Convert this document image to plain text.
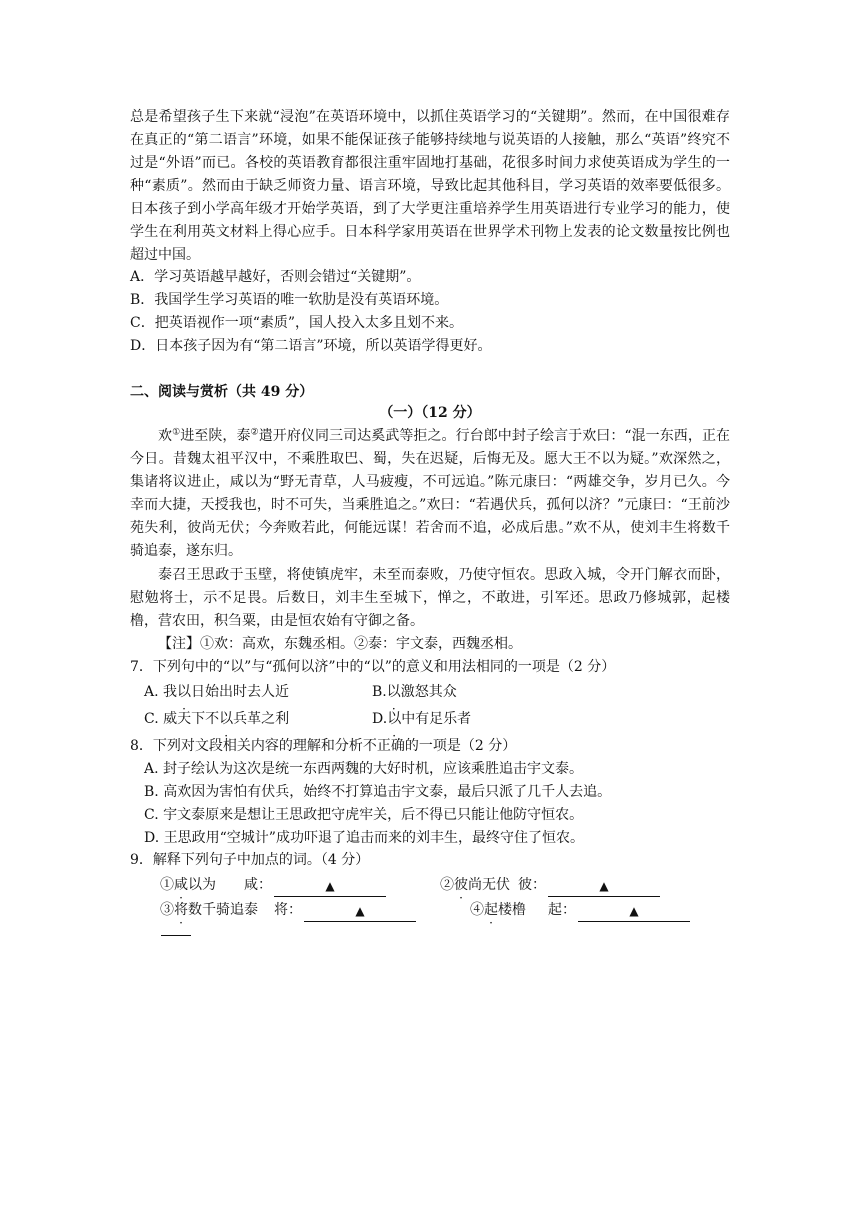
总是希望孩子生下来就“浸泡”在英语环境中，以抓住英语学习的“关键期”。然而，在中国很难存在真正的“第二语言”环境，如果不能保证孩子能够持续地与说英语的人接触，那么“英语”终究不过是“外语”而已。各校的英语教育都很注重牢固地打基础，花很多时间力求使英语成为学生的一种“素质”。然而由于缺乏师资力量、语言环境，导致比起其他科目，学习英语的效率要低很多。日本孩子到小学高年级才开始学英语，到了大学更注重培养学生用英语进行专业学习的能力，使学生在利用英文材料上得心应手。日本科学家用英语在世界学术刊物上发表的论文数量按比例也超过中国。
A．学习英语越早越好，否则会错过“关键期”。
B．我国学生学习英语的唯一软肋是没有英语环境。
C．把英语视作一项“素质”，国人投入太多且划不来。
D．日本孩子因为有“第二语言”环境，所以英语学得更好。
二、阅读与赏析（共 49 分）
（一）（12 分）
欢①进至陕，泰②遣开府仪同三司达奚武等拒之。行台郎中封子绘言于欢曰：“混一东西，正在今日。昔魏太祖平汉中，不乘胜取巴、蜀，失在迟疑，后悔无及。愿大王不以为疑。”欢深然之，集诸将议进止，咸以为“野无青草，人马疲瘦，不可远追。”陈元康曰：“两雄交争，岁月已久。今幸而大捷，天授我也，时不可失，当乘胜追之。”欢曰：“若遇伏兵，孤何以济？”元康曰：“王前沙苑失利，彼尚无伏；今奔败若此，何能远谋！若舍而不追，必成后患。”欢不从，使刘丰生将数千骑追泰，遂东归。
泰召王思政于玉壁，将使镇虎牢，未至而泰败，乃使守恒农。思政入城，令开门解衣而卧，慰勉将士，示不足畏。后数日，刘丰生至城下，惮之，不敢进，引军还。思政乃修城郭，起楼橹，营农田，积刍粟，由是恒农始有守御之备。
【注】①欢：高欢，东魏丞相。②泰：宇文泰，西魏丞相。
7．下列句中的“以”与“孤何以济”中的“以”的意义和用法相同的一项是（2 分）
A. 我以日始出时去人近	B.以激怒其众
C. 威天下不以兵革之利	D.以中有足乐者
8．下列对文段相关内容的理解和分析不正确的一项是（2 分）
A. 封子绘认为这次是统一东西两魏的大好时机，应该乘胜追击宇文泰。
B. 高欢因为害怕有伏兵，始终不打算追击宇文泰，最后只派了几千人去追。
C. 宇文泰原来是想让王思政把守虎牢关，后不得已只能让他防守恒农。
D. 王思政用“空城计”成功吓退了追击而来的刘丰生，最终守住了恒农。
9．解释下列句子中加点的词。（4 分）
①咸以为	咸：	▲	②彼尚无伏 彼：	▲
③将数千骑追泰	将：	▲	④起楼橹	起：	▲
